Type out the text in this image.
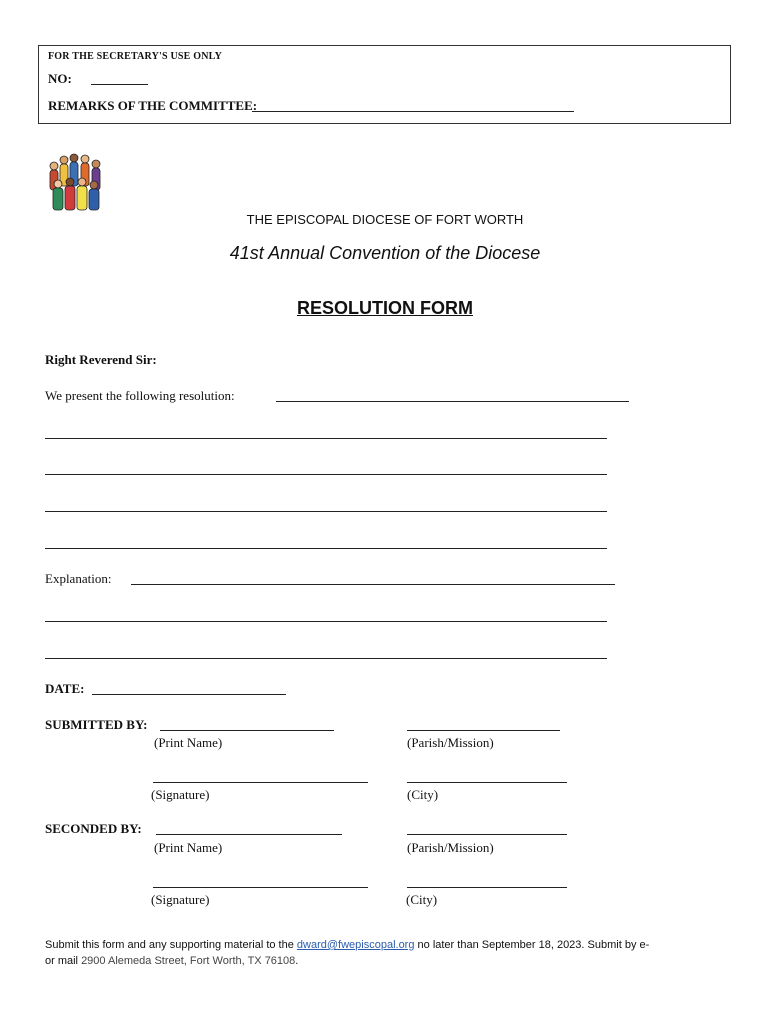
FOR THE SECRETARY'S USE ONLY
NO:
REMARKS OF THE COMMITTEE:
THE EPISCOPAL DIOCESE OF FORT WORTH
41st Annual Convention of the Diocese
RESOLUTION FORM
Right Reverend Sir:
We present the following resolution:
Explanation:
DATE:
SUBMITTED BY:
(Print Name)	(Parish/Mission)
(Signature)	(City)
SECONDED BY:
(Print Name)	(Parish/Mission)
(Signature)	(City)
Submit this form and any supporting material to the dward@fwepiscopal.org no later than September 18, 2023. Submit by e-
or mail 2900 Alemeda Street, Fort Worth, TX 76108.
